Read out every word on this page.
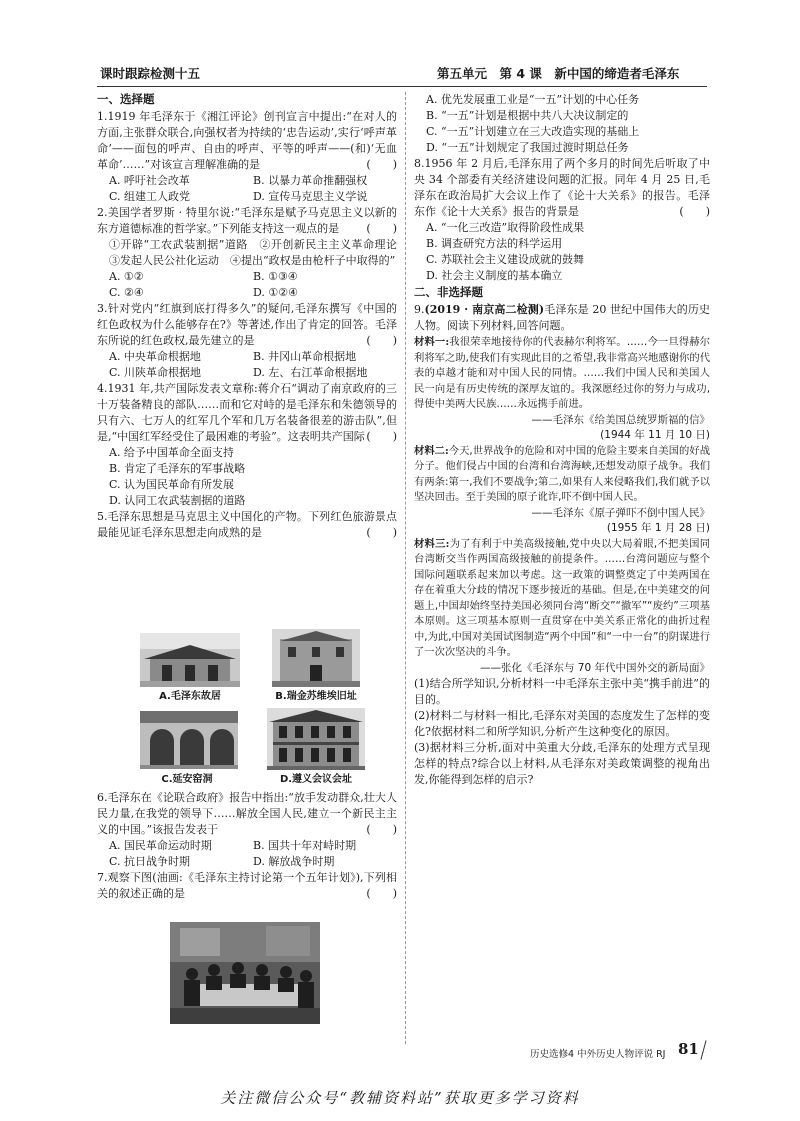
课时跟踪检测十五	第五单元　第 4 课　新中国的缔造者毛泽东
一、选择题
1.1919 年毛泽东于《湘江评论》创刊宣言中提出:“在对人的方面,主张群众联合,向强权者为持续的‘忠告运动’,实行‘呼声革命’——面包的呼声、自由的呼声、平等的呼声——(和)‘无血革命’……”对该宣言理解准确的是	(　　)
A. 呼吁社会改革	B. 以暴力革命推翻强权
C. 组建工人政党	D. 宣传马克思主义学说
2.美国学者罗斯 · 特里尔说:“毛泽东是赋予马克思主义以新的东方道德标准的哲学家。”下列能支持这一观点的是 (　　)
①开辟“工农武装割据”道路　②开创新民主主义革命理论　③发起人民公社化运动　④提出“政权是由枪杆子中取得的”
A. ①②	B. ①③④
C. ②④	D. ①②④
3.针对党内“红旗到底打得多久”的疑问,毛泽东撰写《中国的红色政权为什么能够存在?》等著述,作出了肯定的回答。毛泽东所说的红色政权,最先建立的是	(　　)
A. 中央革命根据地	B. 井冈山革命根据地
C. 川陕革命根据地	D. 左、右江革命根据地
4.1931 年,共产国际发表文章称:蒋介石“调动了南京政府的三十万装备精良的部队……而和它对峙的是毛泽东和朱德领导的只有六、七万人的红军几个军和几万名装备很差的游击队”,但是,“中国红军经受住了最困难的考验”。这表明共产国际 (　　)
A. 给予中国革命全面支持
B. 肯定了毛泽东的军事战略
C. 认为国民革命有所发展
D. 认同工农武装割据的道路
5.毛泽东思想是马克思主义中国化的产物。下列红色旅游景点最能见证毛泽东思想走向成熟的是	(　　)
A.毛泽东故居	B.瑞金苏维埃旧址
C.延安窑洞	D.遵义会议会址
6.毛泽东在《论联合政府》报告中指出:“放手发动群众,壮大人民力量,在我党的领导下……解放全国人民,建立一个新民主主义的中国。”该报告发表于	(　　)
A. 国民革命运动时期	B. 国共十年对峙时期
C. 抗日战争时期	D. 解放战争时期
7.观察下图(油画:《毛泽东主持讨论第一个五年计划》),下列相关的叙述正确的是	(　　)
A. 优先发展重工业是“一五”计划的中心任务
B. “一五”计划是根据中共八大决议制定的
C. “一五”计划建立在三大改造实现的基础上
D. “一五”计划规定了我国过渡时期总任务
8.1956 年 2 月后,毛泽东用了两个多月的时间先后听取了中央 34 个部委有关经济建设问题的汇报。同年 4 月 25 日,毛泽东在政治局扩大会议上作了《论十大关系》的报告。毛泽东作《论十大关系》报告的背景是	(　　)
A. “一化三改造”取得阶段性成果
B. 调查研究方法的科学运用
C. 苏联社会主义建设成就的鼓舞
D. 社会主义制度的基本确立
二、非选择题
9.(2019 · 南京高二检测)毛泽东是 20 世纪中国伟大的历史人物。阅读下列材料,回答问题。
材料一:我很荣幸地接待你的代表赫尔利将军。……今一旦得赫尔利将军之助,使我们有实现此目的之希望,我非常高兴地感谢你的代表的卓越才能和对中国人民的同情。……我们中国人民和美国人民一向是有历史传统的深厚友谊的。我深愿经过你的努力与成功,得使中美两大民族……永远携手前进。
——毛泽东《给美国总统罗斯福的信》
(1944 年 11 月 10 日)
材料二:今天,世界战争的危险和对中国的危险主要来自美国的好战分子。他们侵占中国的台湾和台湾海峡,还想发动原子战争。我们有两条:第一,我们不要战争;第二,如果有人来侵略我们,我们就予以坚决回击。至于美国的原子讹诈,吓不倒中国人民。
——毛泽东《原子弹吓不倒中国人民》
(1955 年 1 月 28 日)
材料三:为了有利于中美高级接触,党中央以大局着眼,不把美国同台湾断交当作两国高级接触的前提条件。……台湾问题应与整个国际问题联系起来加以考虑。这一政策的调整奠定了中美两国在存在着重大分歧的情况下逐步接近的基础。但是,在中美建交的问题上,中国却始终坚持美国必须同台湾“断交”“撤军”“废约”三项基本原则。这三项基本原则一直贯穿在中美关系正常化的曲折过程中,为此,中国对美国试图制造“两个中国”和“一中一台”的阴谋进行了一次次坚决的斗争。
——张化《毛泽东与 70 年代中国外交的新局面》
(1)结合所学知识,分析材料一中毛泽东主张中美“携手前进”的目的。
(2)材料二与材料一相比,毛泽东对美国的态度发生了怎样的变化?依据材料二和所学知识,分析产生这种变化的原因。
(3)据材料三分析,面对中美重大分歧,毛泽东的处理方式呈现怎样的特点?综合以上材料,从毛泽东对美政策调整的视角出发,你能得到怎样的启示?
历史选修4 中外历史人物评说 RJ 81
关注微信公众号“教辅资料站”获取更多学习资料
